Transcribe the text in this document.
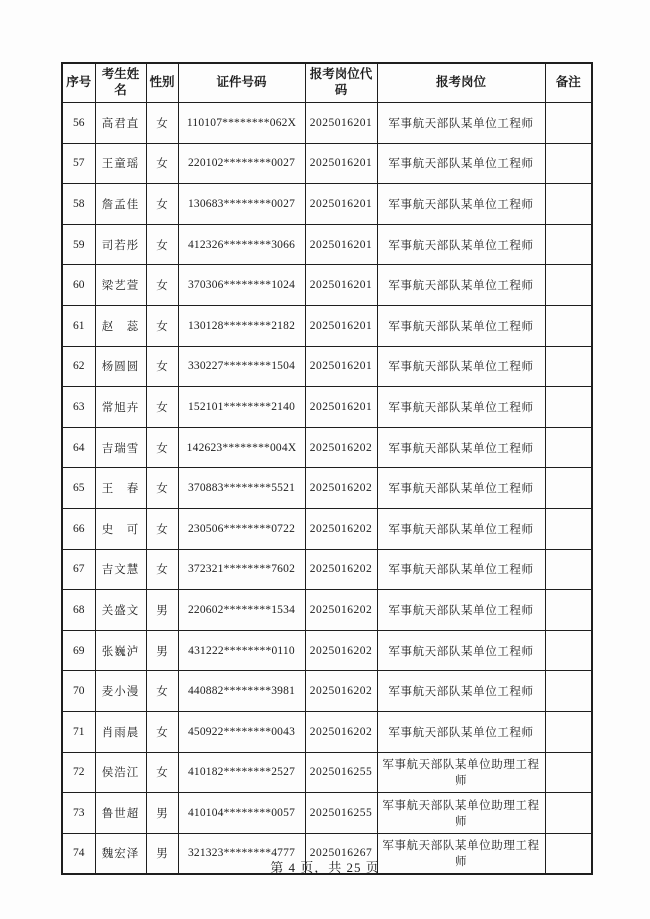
序号	考生姓名	性别	证件号码	报考岗位代码	报考岗位	备注
56	高君直	女	110107********062X	2025016201	军事航天部队某单位工程师	
57	王童瑶	女	220102********0027	2025016201	军事航天部队某单位工程师	
58	詹孟佳	女	130683********0027	2025016201	军事航天部队某单位工程师	
59	司若彤	女	412326********3066	2025016201	军事航天部队某单位工程师	
60	梁艺萱	女	370306********1024	2025016201	军事航天部队某单位工程师	
61	赵　蕊	女	130128********2182	2025016201	军事航天部队某单位工程师	
62	杨圆圆	女	330227********1504	2025016201	军事航天部队某单位工程师	
63	常旭卉	女	152101********2140	2025016201	军事航天部队某单位工程师	
64	吉瑞雪	女	142623********004X	2025016202	军事航天部队某单位工程师	
65	王　春	女	370883********5521	2025016202	军事航天部队某单位工程师	
66	史　可	女	230506********0722	2025016202	军事航天部队某单位工程师	
67	吉文慧	女	372321********7602	2025016202	军事航天部队某单位工程师	
68	关盛文	男	220602********1534	2025016202	军事航天部队某单位工程师	
69	张巍泸	男	431222********0110	2025016202	军事航天部队某单位工程师	
70	麦小漫	女	440882********3981	2025016202	军事航天部队某单位工程师	
71	肖雨晨	女	450922********0043	2025016202	军事航天部队某单位工程师	
72	侯浩江	女	410182********2527	2025016255	军事航天部队某单位助理工程师	
73	鲁世超	男	410104********0057	2025016255	军事航天部队某单位助理工程师	
74	魏宏泽	男	321323********4777	2025016267	军事航天部队某单位助理工程师	
第 4 页，共 25 页
